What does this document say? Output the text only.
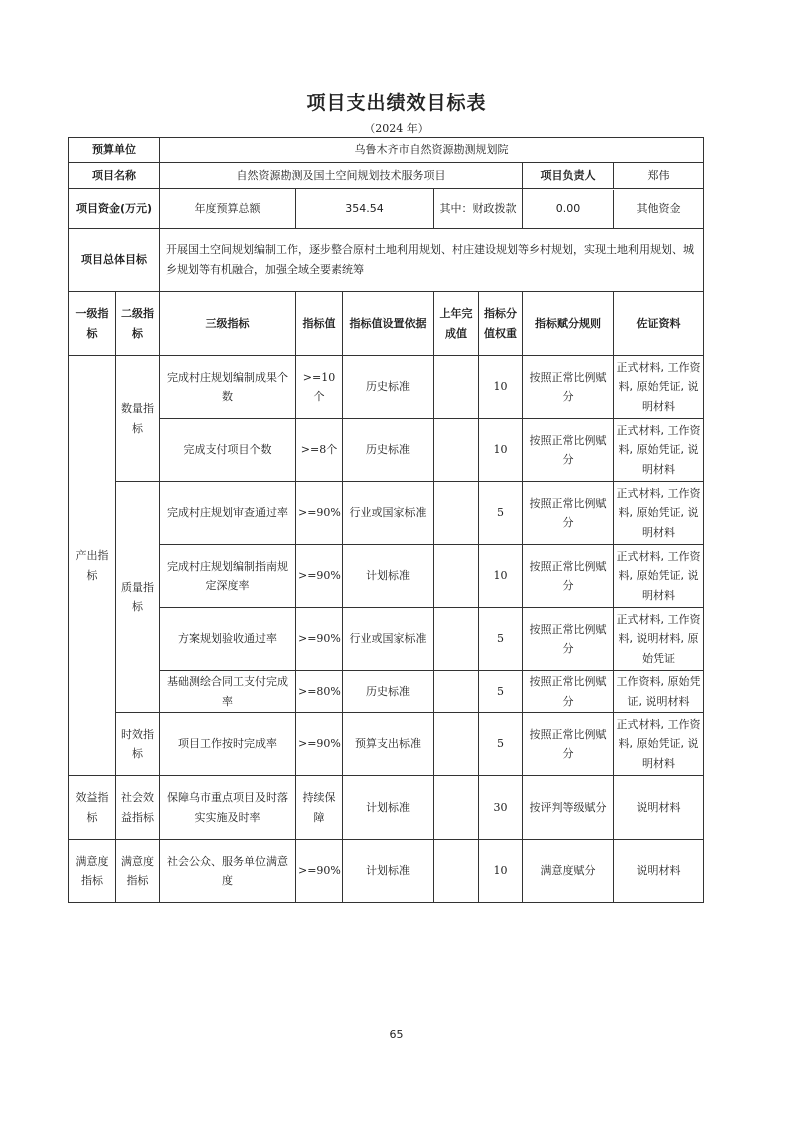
项目支出绩效目标表
（2024 年）
预算单位		乌鲁木齐市自然资源勘测规划院						
项目名称		自然资源勘测及国土空间规划技术服务项目					项目负责人	郑伟
项目资金(万元)		年度预算总额	354.54		其中：财政拨款		0.00 其他资金	

项目总体目标		开展国土空间规划编制工作，逐步整合原村土地利用规划、村庄建设规划等乡村规划，实现土地利用规划、城乡规划等有机融合，加强全域全要素统筹						
一级指标	二级指标	三级指标	指标值	指标值设置依据	上年完成值	指标分值权重	指标赋分规则	佐证资料
产出指标	数量指标	完成村庄规划编制成果个数	>=10个	历史标准		10	按照正常比例赋分	正式材料, 工作资料, 原始凭证, 说明材料
		完成支付项目个数	>=8个	历史标准		10	按照正常比例赋分	正式材料, 工作资料, 原始凭证, 说明材料
	质量指标	完成村庄规划审查通过率	>=90%	行业或国家标准		5	按照正常比例赋分	正式材料, 工作资料, 原始凭证, 说明材料
		完成村庄规划编制指南规定深度率	>=90%	计划标准		10	按照正常比例赋分	正式材料, 工作资料, 原始凭证, 说明材料
		方案规划验收通过率	>=90%	行业或国家标准		5	按照正常比例赋分	正式材料, 工作资料, 说明材料, 原始凭证
		基础测绘合同工支付完成率	>=80%	历史标准		5	按照正常比例赋分	工作资料, 原始凭证, 说明材料
	时效指标	项目工作按时完成率	>=90%	预算支出标准		5	按照正常比例赋分	正式材料, 工作资料, 原始凭证, 说明材料
效益指标	社会效益指标	保障乌市重点项目及时落实实施及时率	持续保障	计划标准		30	按评判等级赋分	说明材料
满意度指标	满意度指标	社会公众、服务单位满意度	>=90%	计划标准		10	满意度赋分	说明材料
65
